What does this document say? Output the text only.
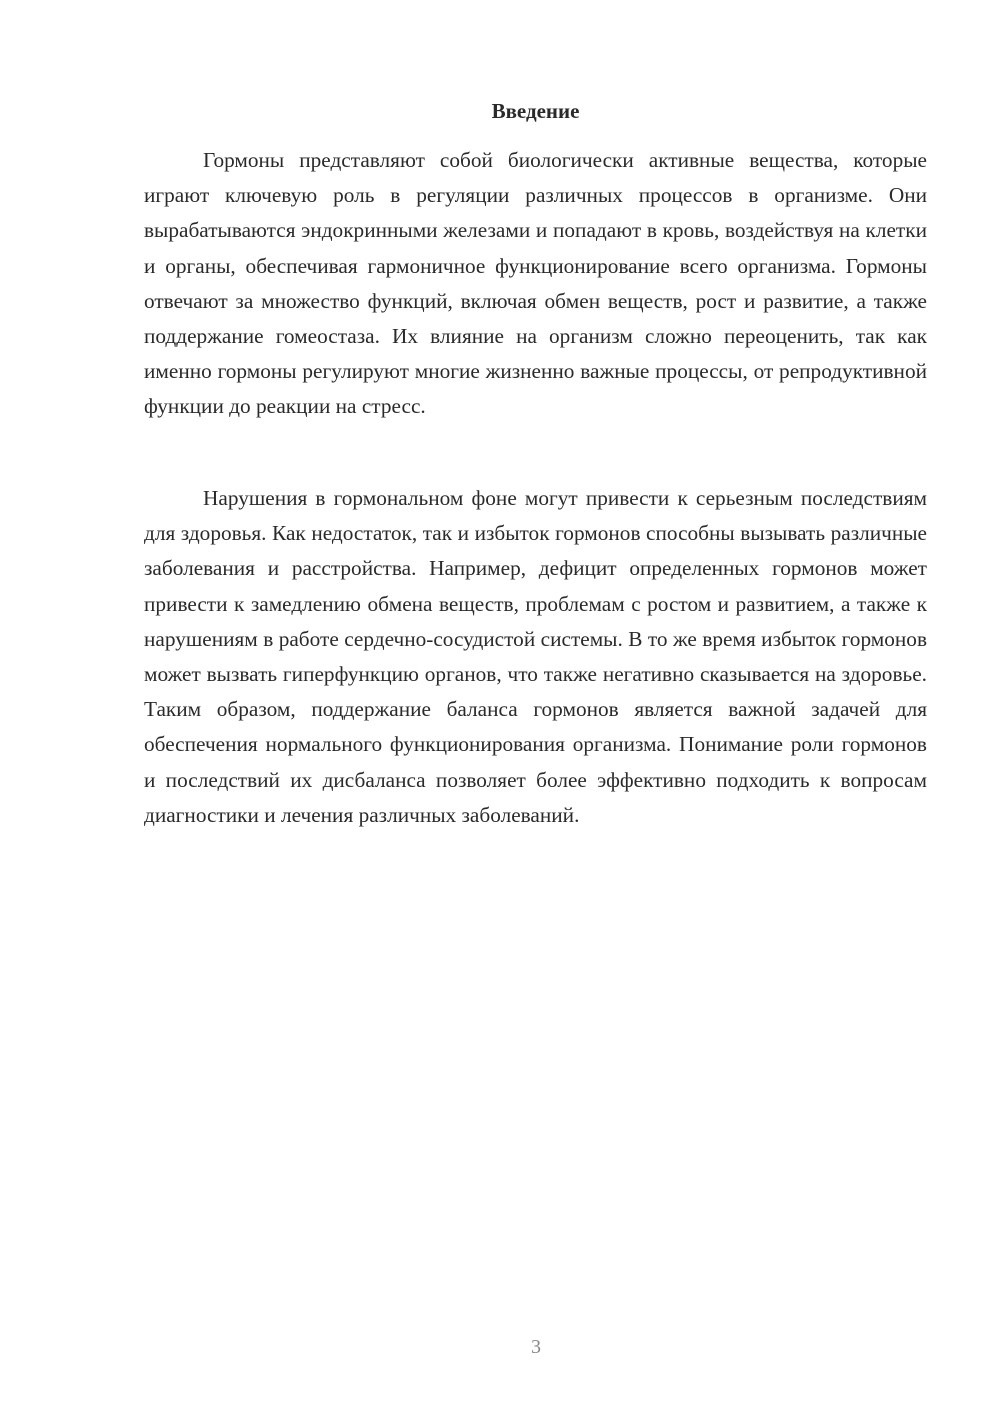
Введение

Гормоны представляют собой биологически активные вещества, которые играют ключевую роль в регуляции различных процессов в организме. Они вырабатываются эндокринными железами и попадают в кровь, воздействуя на клетки и органы, обеспечивая гармоничное функционирование всего организма. Гормоны отвечают за множество функций, включая обмен веществ, рост и развитие, а также поддержание гомеостаза. Их влияние на организм сложно переоценить, так как именно гормоны регулируют многие жизненно важные процессы, от репродуктивной функции до реакции на стресс.

Нарушения в гормональном фоне могут привести к серьезным последствиям для здоровья. Как недостаток, так и избыток гормонов способны вызывать различные заболевания и расстройства. Например, дефицит определенных гормонов может привести к замедлению обмена веществ, проблемам с ростом и развитием, а также к нарушениям в работе сердечно-сосудистой системы. В то же время избыток гормонов может вызвать гиперфункцию органов, что также негативно сказывается на здоровье. Таким образом, поддержание баланса гормонов является важной задачей для обеспечения нормального функционирования организма. Понимание роли гормонов и последствий их дисбаланса позволяет более эффективно подходить к вопросам диагностики и лечения различных заболеваний.

3
